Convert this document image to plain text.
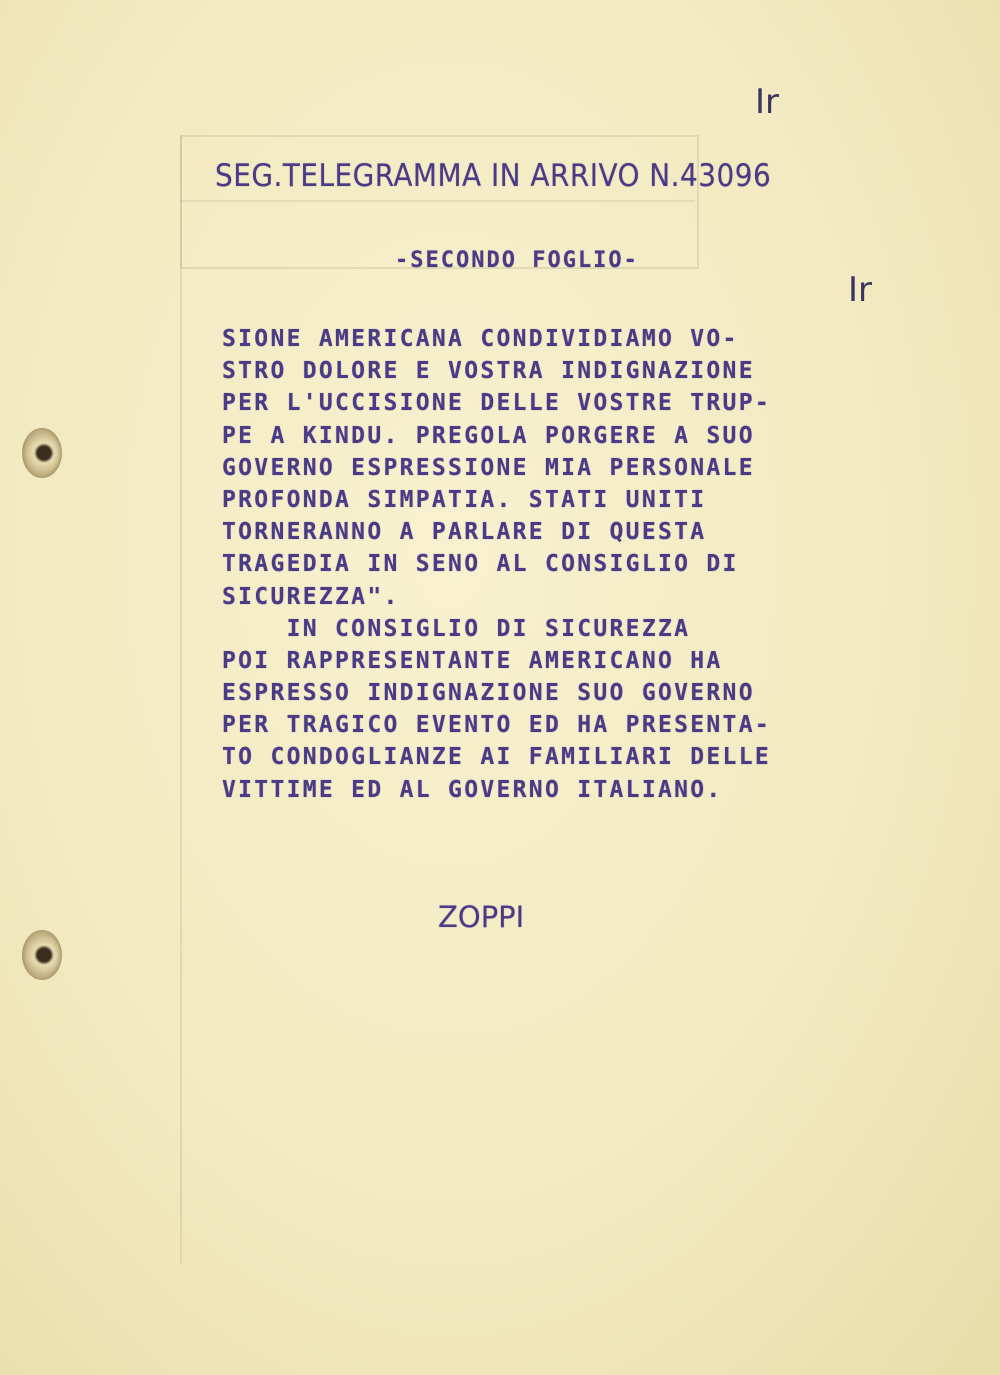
Ir
Ir
SEG.TELEGRAMMA IN ARRIVO N.43096
-SECONDO FOGLIO-
SIONE AMERICANA CONDIVIDIAMO VO-
STRO DOLORE E VOSTRA INDIGNAZIONE
PER L'UCCISIONE DELLE VOSTRE TRUP-
PE A KINDU. PREGOLA PORGERE A SUO
GOVERNO ESPRESSIONE MIA PERSONALE
PROFONDA SIMPATIA. STATI UNITI
TORNERANNO A PARLARE DI QUESTA
TRAGEDIA IN SENO AL CONSIGLIO DI
SICUREZZA".
IN CONSIGLIO DI SICUREZZA
POI RAPPRESENTANTE AMERICANO HA
ESPRESSO INDIGNAZIONE SUO GOVERNO
PER TRAGICO EVENTO ED HA PRESENTA-
TO CONDOGLIANZE AI FAMILIARI DELLE
VITTIME ED AL GOVERNO ITALIANO.
ZOPPI
